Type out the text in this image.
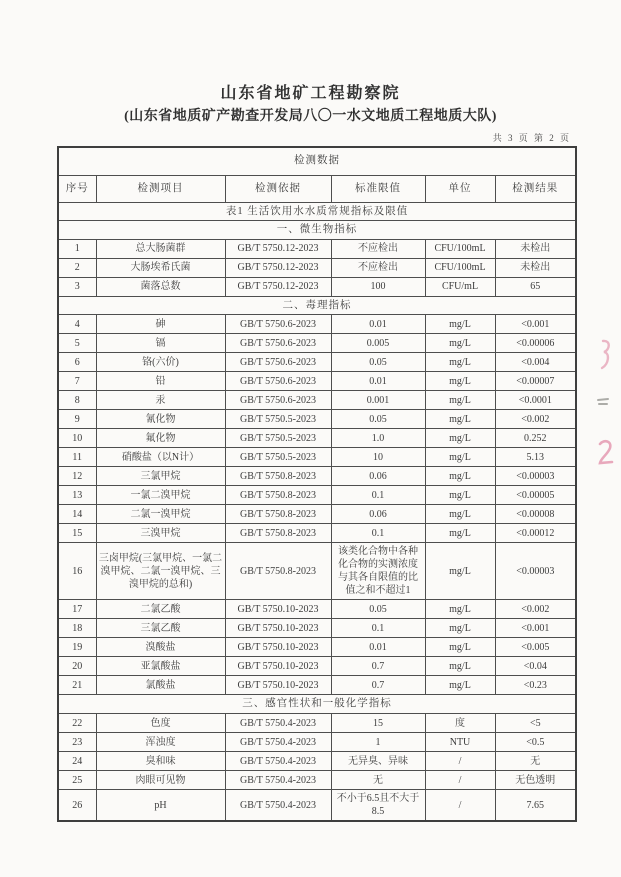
山东省地矿工程勘察院
(山东省地质矿产勘查开发局八〇一水文地质工程地质大队)
共 3 页 第 2 页
检测数据					
序号	检测项目	检测依据	标准限值	单位	检测结果
表1 生活饮用水水质常规指标及限值					
一、微生物指标					
1	总大肠菌群	GB/T 5750.12-2023	不应检出	CFU/100mL	未检出
2	大肠埃希氏菌	GB/T 5750.12-2023	不应检出	CFU/100mL	未检出
3	菌落总数	GB/T 5750.12-2023	100	CFU/mL	65
二、毒理指标					
4	砷	GB/T 5750.6-2023	0.01	mg/L	<0.001
5	镉	GB/T 5750.6-2023	0.005	mg/L	<0.00006
6	铬(六价)	GB/T 5750.6-2023	0.05	mg/L	<0.004
7	铅	GB/T 5750.6-2023	0.01	mg/L	<0.00007
8	汞	GB/T 5750.6-2023	0.001	mg/L	<0.0001
9	氰化物	GB/T 5750.5-2023	0.05	mg/L	<0.002
10	氟化物	GB/T 5750.5-2023	1.0	mg/L	0.252
11	硝酸盐（以N计）	GB/T 5750.5-2023	10	mg/L	5.13
12	三氯甲烷	GB/T 5750.8-2023	0.06	mg/L	<0.00003
13	一氯二溴甲烷	GB/T 5750.8-2023	0.1	mg/L	<0.00005
14	二氯一溴甲烷	GB/T 5750.8-2023	0.06	mg/L	<0.00008
15	三溴甲烷	GB/T 5750.8-2023	0.1	mg/L	<0.00012
16	三卤甲烷(三氯甲烷、一氯二溴甲烷、二氯一溴甲烷、三溴甲烷的总和)	GB/T 5750.8-2023	该类化合物中各种化合物的实测浓度与其各自限值的比值之和不超过1	mg/L	<0.00003
17	二氯乙酸	GB/T 5750.10-2023	0.05	mg/L	<0.002
18	三氯乙酸	GB/T 5750.10-2023	0.1	mg/L	<0.001
19	溴酸盐	GB/T 5750.10-2023	0.01	mg/L	<0.005
20	亚氯酸盐	GB/T 5750.10-2023	0.7	mg/L	<0.04
21	氯酸盐	GB/T 5750.10-2023	0.7	mg/L	<0.23
三、感官性状和一般化学指标					
22	色度	GB/T 5750.4-2023	15	度	<5
23	浑浊度	GB/T 5750.4-2023	1	NTU	<0.5
24	臭和味	GB/T 5750.4-2023	无异臭、异味	/	无
25	肉眼可见物	GB/T 5750.4-2023	无	/	无色透明
26	pH	GB/T 5750.4-2023	不小于6.5且不大于8.5	/	7.65
